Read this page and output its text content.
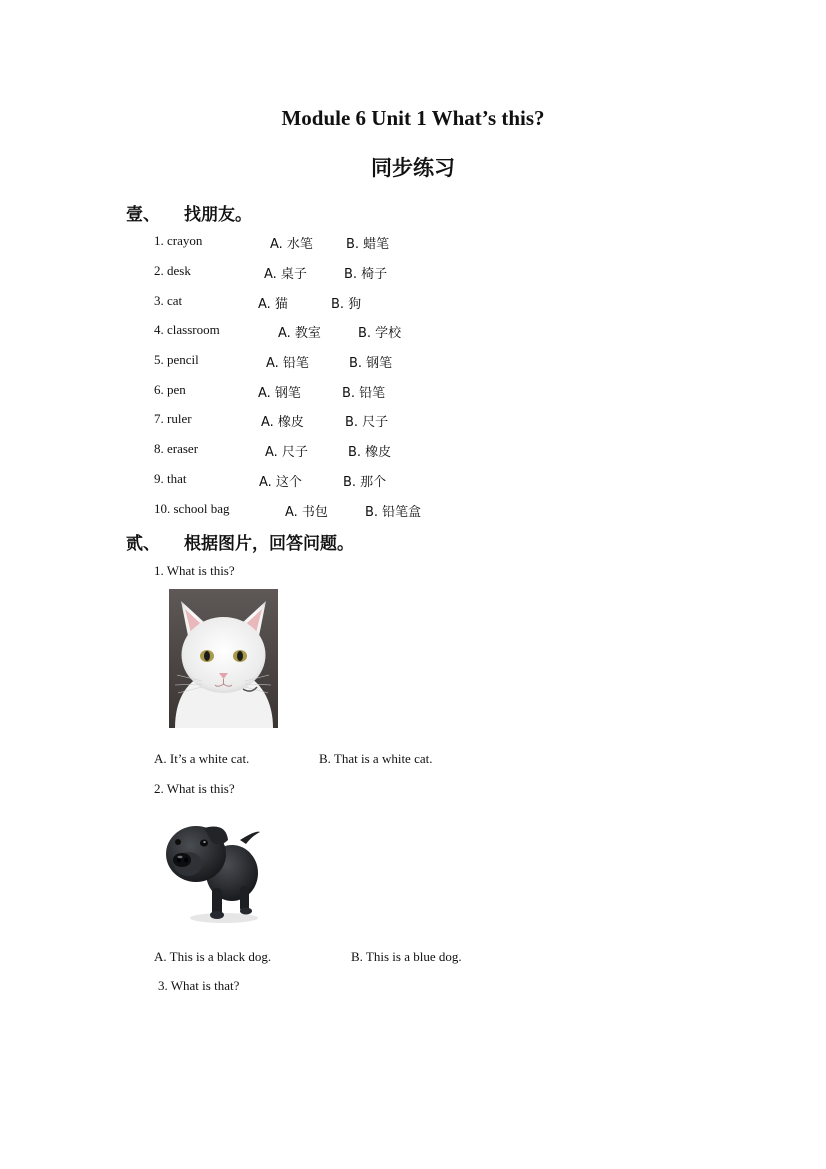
Module 6 Unit 1 What’s this?
同步练习
壹、 找朋友。
1. crayon	A. 水笔	B. 蜡笔
2. desk	A. 桌子	B. 椅子
3. cat	A. 猫	B. 狗
4. classroom	A. 教室	B. 学校
5. pencil	A. 铅笔	B. 钢笔
6. pen	A. 钢笔	B. 铅笔
7. ruler	A. 橡皮	B. 尺子
8. eraser	A. 尺子	B. 橡皮
9. that	A. 这个	B. 那个
10. school bag	A. 书包	B. 铅笔盒
贰、 根据图片，回答问题。
1. What is this?
A. It’s a white cat.	B. That is a white cat.
2. What is this?
A. This is a black dog.	B. This is a blue dog.
3. What is that?
